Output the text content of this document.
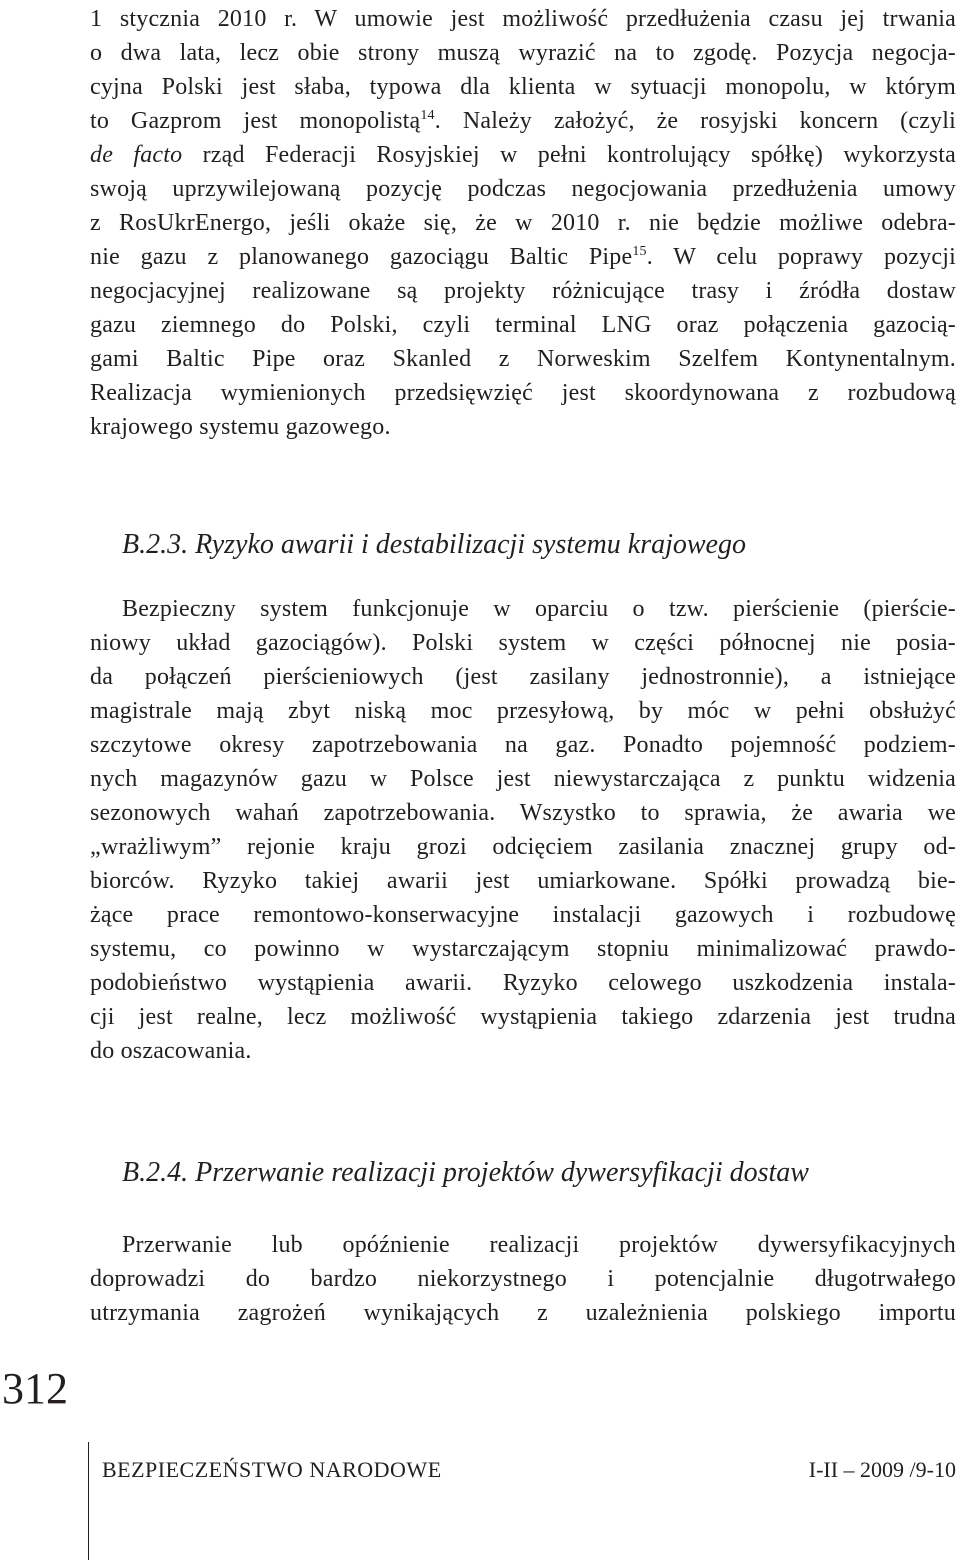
1 stycznia 2010 r. W umowie jest możliwość przedłużenia czasu jej trwania
o dwa lata, lecz obie strony muszą wyrazić na to zgodę. Pozycja negocja-
cyjna Polski jest słaba, typowa dla klienta w sytuacji monopolu, w którym
to Gazprom jest monopolistą$^{14}$. Należy założyć, że rosyjski koncern (czyli
de facto rząd Federacji Rosyjskiej w pełni kontrolujący spółkę) wykorzysta
swoją uprzywilejowaną pozycję podczas negocjowania przedłużenia umowy
z RosUkrEnergo, jeśli okaże się, że w 2010 r. nie będzie możliwe odebra-
nie gazu z planowanego gazociągu Baltic Pipe$^{15}$. W celu poprawy pozycji
negocjacyjnej realizowane są projekty różnicujące trasy i źródła dostaw
gazu ziemnego do Polski, czyli terminal LNG oraz połączenia gazocią-
gami Baltic Pipe oraz Skanled z Norweskim Szelfem Kontynentalnym.
Realizacja wymienionych przedsięwzięć jest skoordynowana z rozbudową
krajowego systemu gazowego.
B.2.3. Ryzyko awarii i destabilizacji systemu krajowego
Bezpieczny system funkcjonuje w oparciu o tzw. pierścienie (pierście-
niowy układ gazociągów). Polski system w części północnej nie posia-
da połączeń pierścieniowych (jest zasilany jednostronnie), a istniejące
magistrale mają zbyt niską moc przesyłową, by móc w pełni obsłużyć
szczytowe okresy zapotrzebowania na gaz. Ponadto pojemność podziem-
nych magazynów gazu w Polsce jest niewystarczająca z punktu widzenia
sezonowych wahań zapotrzebowania. Wszystko to sprawia, że awaria we
„wrażliwym” rejonie kraju grozi odcięciem zasilania znacznej grupy od-
biorców. Ryzyko takiej awarii jest umiarkowane. Spółki prowadzą bie-
żące prace remontowo-konserwacyjne instalacji gazowych i rozbudowę
systemu, co powinno w wystarczającym stopniu minimalizować prawdo-
podobieństwo wystąpienia awarii. Ryzyko celowego uszkodzenia instala-
cji jest realne, lecz możliwość wystąpienia takiego zdarzenia jest trudna
do oszacowania.
B.2.4. Przerwanie realizacji projektów dywersyfikacji dostaw
Przerwanie lub opóźnienie realizacji projektów dywersyfikacyjnych
doprowadzi do bardzo niekorzystnego i potencjalnie długotrwałego
utrzymania zagrożeń wynikających z uzależnienia polskiego importu
312
BEZPIECZEŃSTWO NARODOWE	I-II – 2009 /9-10
